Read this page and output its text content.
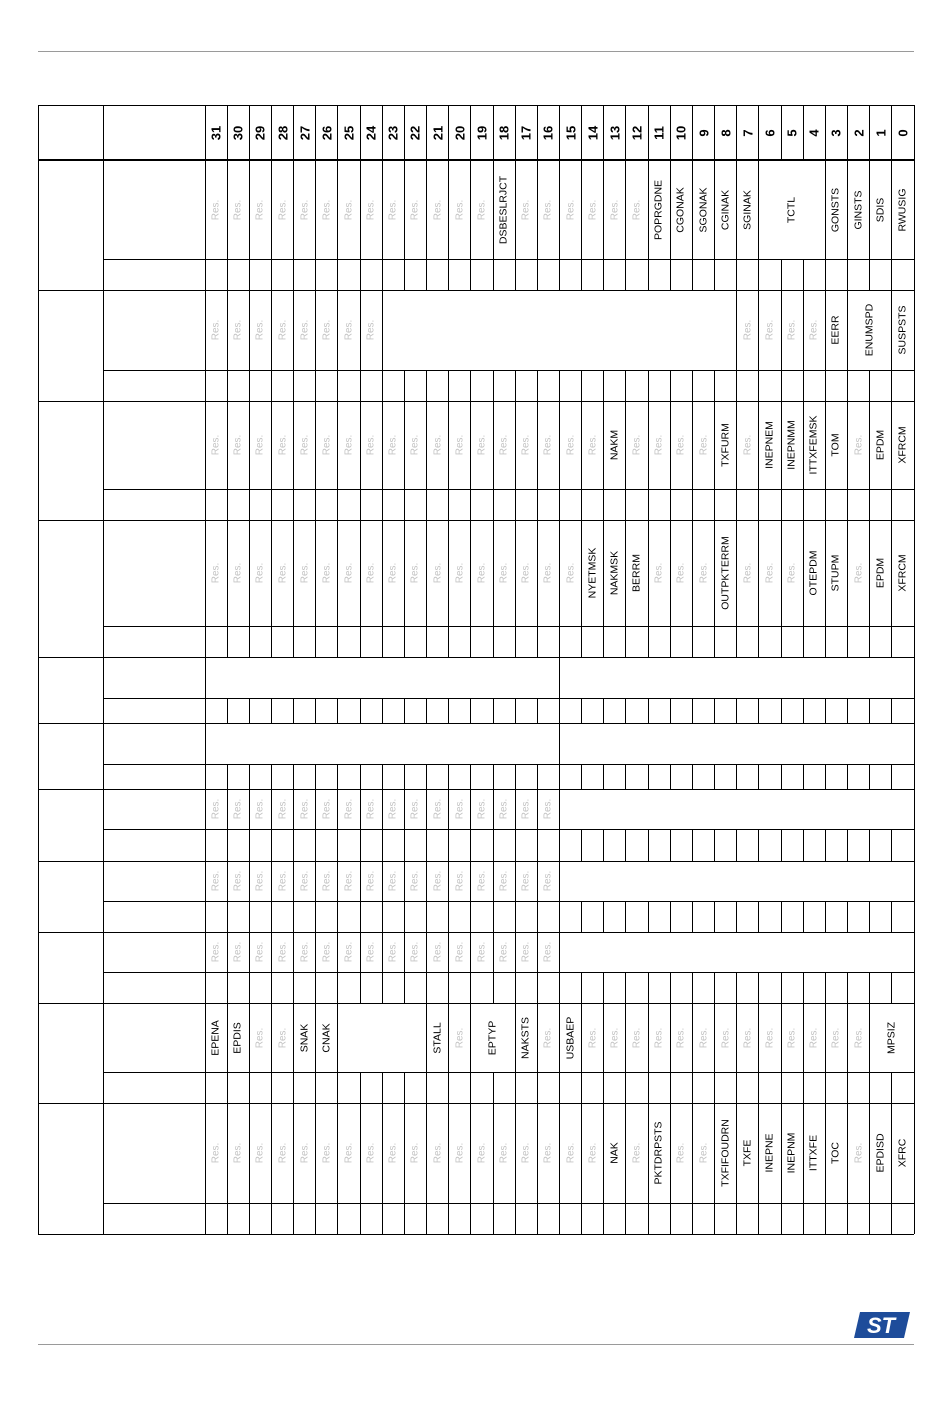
31 30 29 28 27 26 25 24 23 22 21 20 19 18 17 16 15 14 13 12 11 10 9 8 7 6 5 4 3 2 1 0
Res. Res. Res. Res. Res. Res. Res. Res. Res. Res. Res. Res. Res. DSBESLRJCT Res. Res. Res. Res. Res. Res. POPRGDNE CGONAK SGONAK CGINAK SGINAK	TCTL	GONSTS GINSTS SDIS RWUSIG
Res. Res. Res. Res. Res. Res. Res. Res.	Res. Res. Res. Res. EERR ENUMSPD SUSPSTS
Res. Res. Res. Res. Res. Res. Res. Res. Res. Res. Res. Res. Res. Res. Res. Res. Res. Res. NAKM Res. Res. Res. Res. TXFURM Res. INEPNEM INEPNMM ITTXFEMSK TOM Res. EPDM XFRCM
Res. Res. Res. Res. Res. Res. Res. Res. Res. Res. Res. Res. Res. Res. Res. Res. Res. NYETMSK NAKMSK BERRM Res. Res. Res. OUTPKTERRM Res. Res. Res. OTEPDM STUPM Res. EPDM XFRCM
Res. Res. Res. Res. Res. Res. Res. Res. Res. Res. Res. Res. Res. Res. Res. Res.
Res. Res. Res. Res. Res. Res. Res. Res. Res. Res. Res. Res. Res. Res. Res. Res.
Res. Res. Res. Res. Res. Res. Res. Res. Res. Res. Res. Res. Res. Res. Res. Res.
EPENA EPDIS Res. Res. SNAK CNAK	STALL Res. EPTYP NAKSTS Res. USBAEP Res. Res. Res. Res. Res. Res. Res. Res. Res. Res. Res. Res. Res. MPSIZ
Res. Res. Res. Res. Res. Res. Res. Res. Res. Res. Res. Res. Res. Res. Res. Res. Res. Res. NAK Res. PKTDRPSTS Res. Res. TXFIFOUDRN TXFE INEPNE INEPNM ITTXFE TOC Res. EPDISD XFRC
ST
